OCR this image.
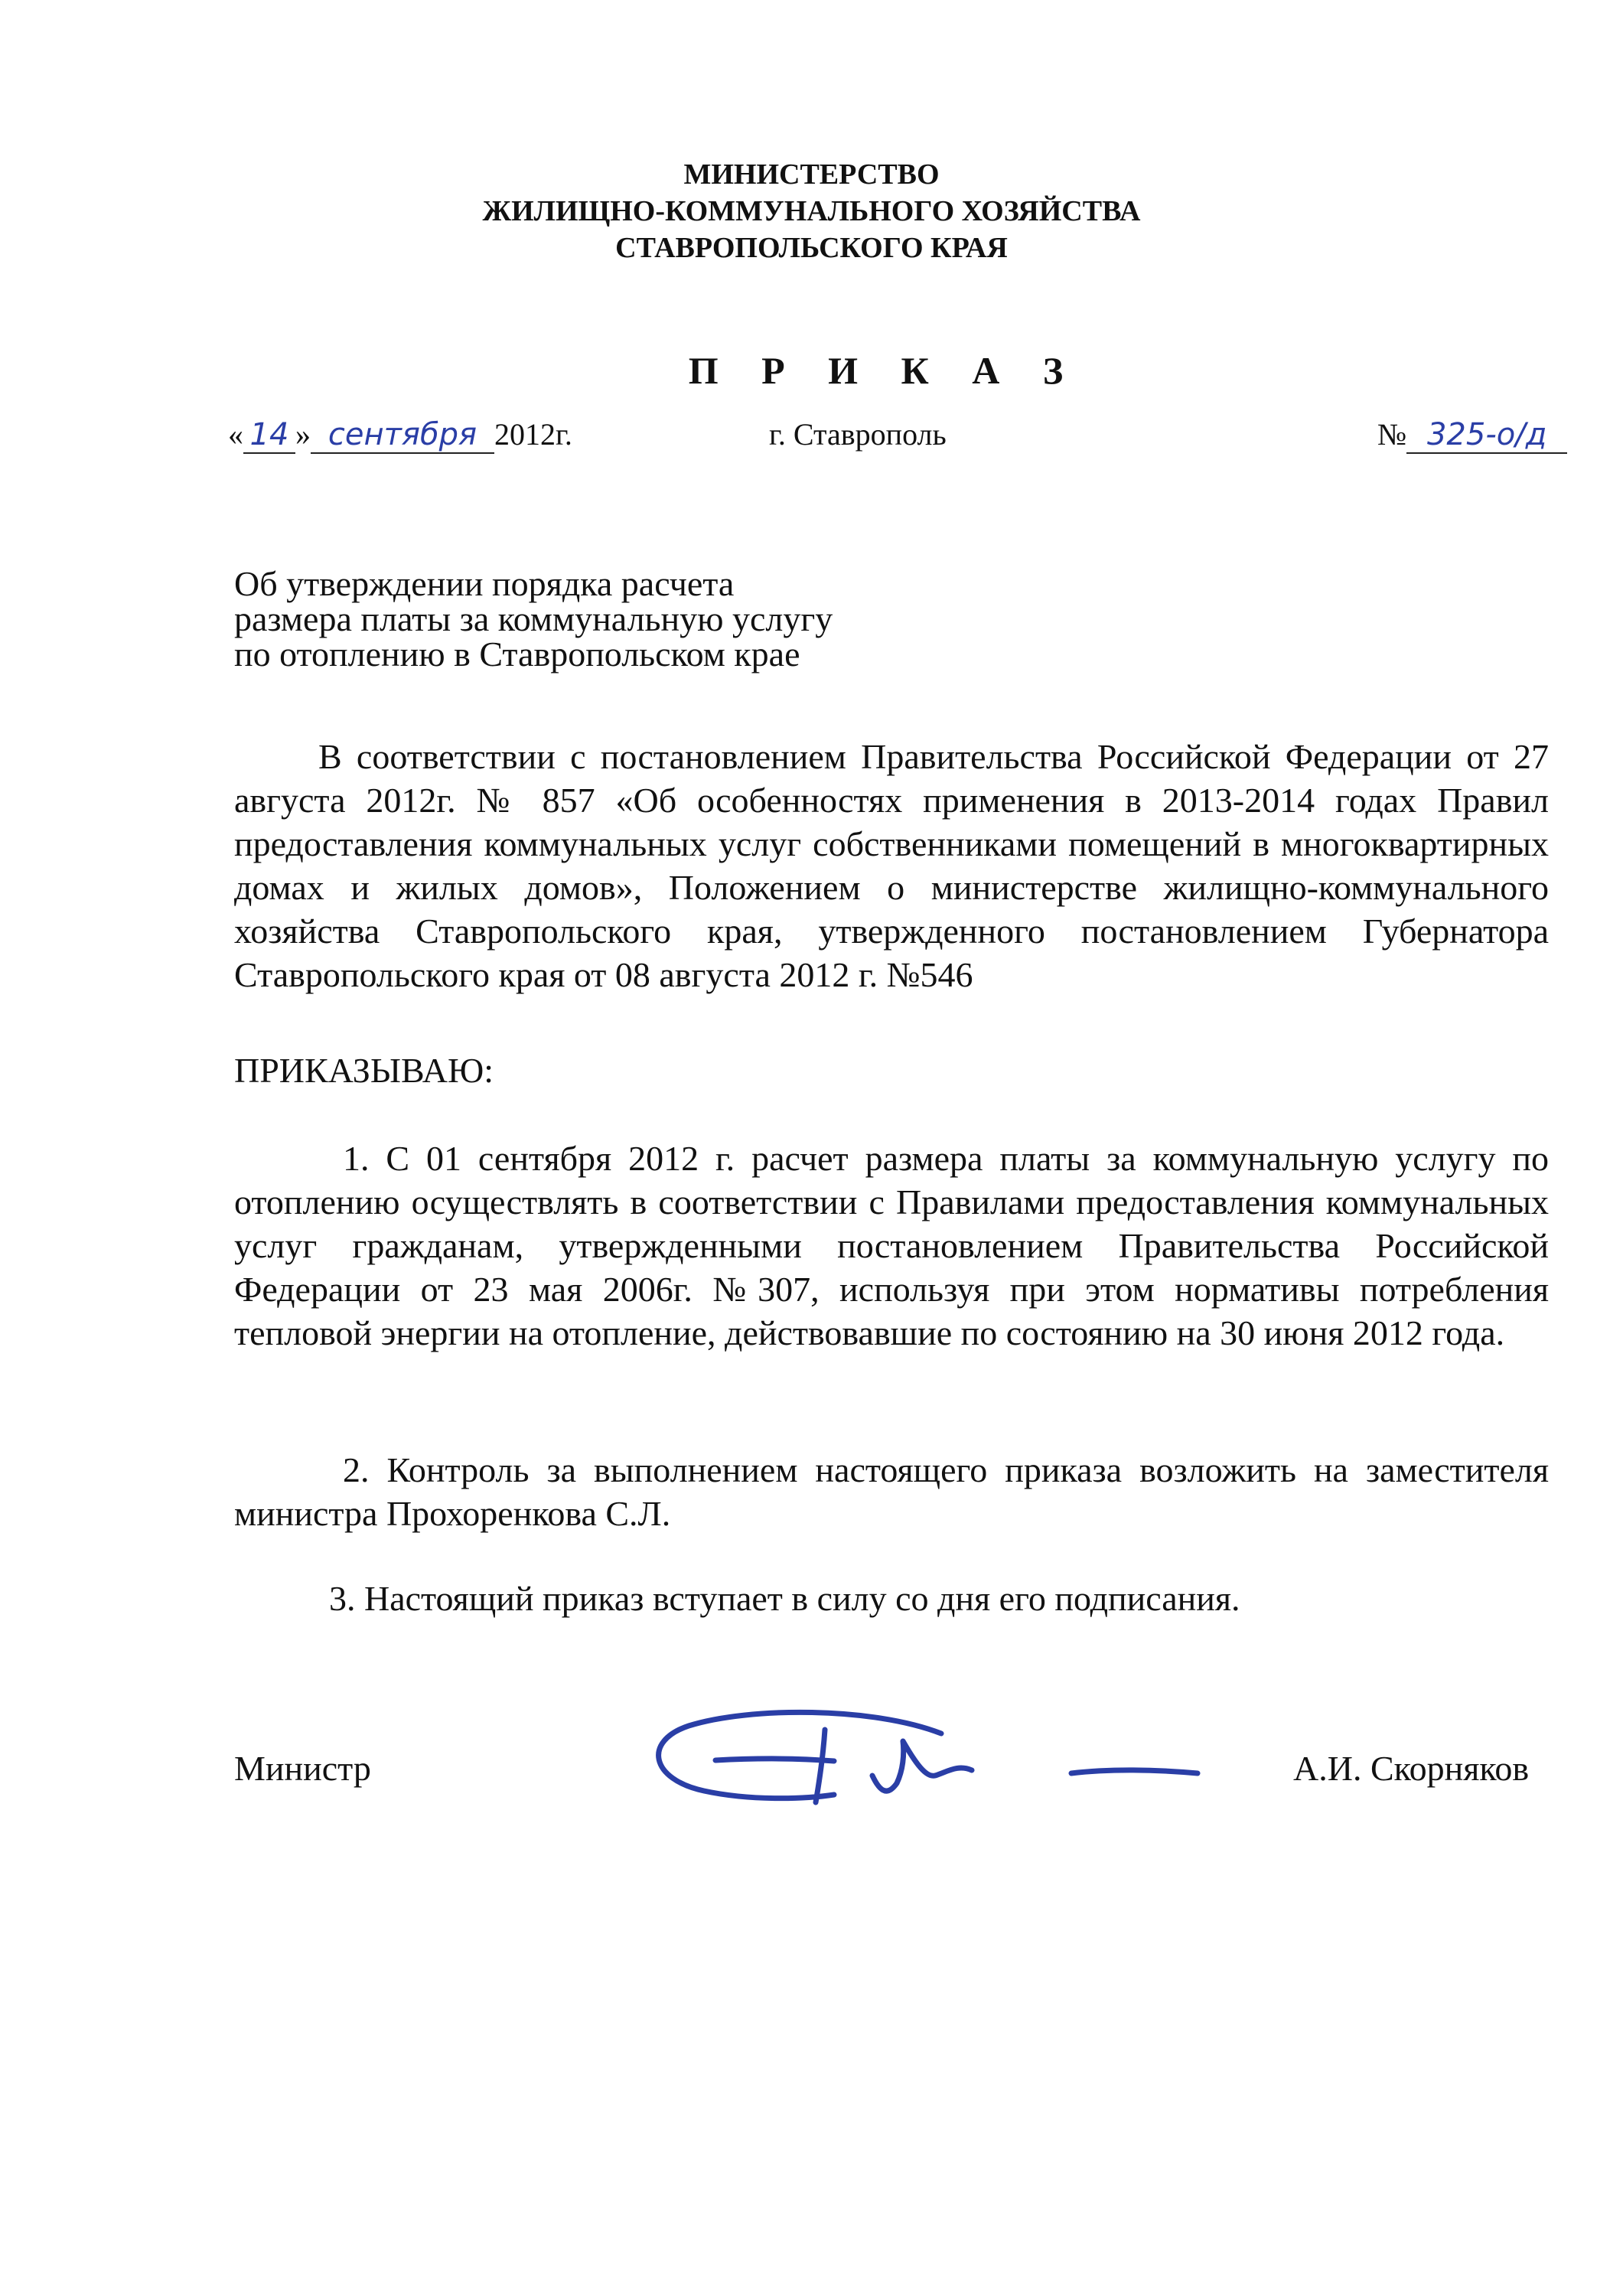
МИНИСТЕРСТВО
ЖИЛИЩНО-КОММУНАЛЬНОГО ХОЗЯЙСТВА
СТАВРОПОЛЬСКОГО КРАЯ
П Р И К А З
« 14 » сентября 2012г.	г. Ставрополь	№ 325-о/д
Об утверждении порядка расчета
размера платы за коммунальную услугу
по отоплению в Ставропольском крае

В соответствии с постановлением Правительства Российской Федерации от 27 августа 2012г. № 857 «Об особенностях применения в 2013-2014 годах Правил предоставления коммунальных услуг собственниками помещений в многоквартирных домах и жилых домов», Положением о министерстве жилищно-коммунального хозяйства Ставропольского края, утвержденного постановлением Губернатора Ставропольского края от 08 августа 2012 г. №546

ПРИКАЗЫВАЮ:

1. С 01 сентября 2012 г. расчет размера платы за коммунальную услугу по отоплению осуществлять в соответствии с Правилами предоставления коммунальных услуг гражданам, утвержденными постановлением Правительства Российской Федерации от 23 мая 2006г. №307, используя при этом нормативы потребления тепловой энергии на отопление, действовавшие по состоянию на 30 июня 2012 года.

2. Контроль за выполнением настоящего приказа возложить на заместителя министра Прохоренкова С.Л.

3. Настоящий приказ вступает в силу со дня его подписания.

Министр	А.И. Скорняков
